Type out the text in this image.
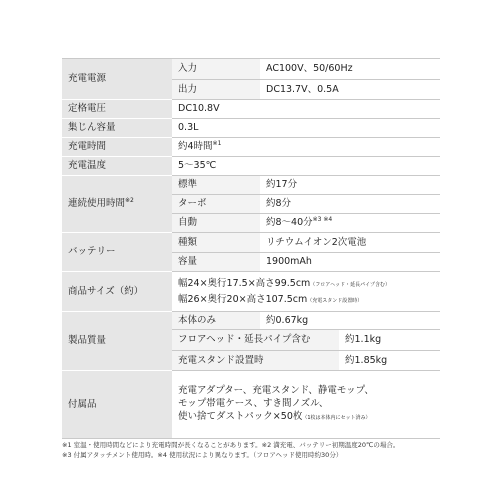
充電電源	入力	AC100V、50/60Hz
	出力	DC13.7V、0.5A
定格電圧	DC10.8V	
集じん容量	0.3L	
充電時間	約4時間$^{※1}$
充電温度	5～35℃	
連続使用時間$^{※2}$	標準	約17分
	ターボ	約8分
	自動	約8～40分$^{※3 ※4}$
バッテリー	種類	リチウムイオン2次電池
	容量	1900mAh
商品サイズ（約）	幅24×奥行17.5×高さ99.5cm（フロアヘッド・延長パイプ含む）
幅26×奥行20×高さ107.5cm（充電スタンド設置時）	

製品質量	本体のみ	約0.67kg

フロアヘッド・延長パイプ含む 約1.1kg	

充電スタンド設置時 約1.85kg	

付属品	充電アダプター、充電スタンド、静電モップ、
モップ帯電ケース、すき間ノズル、
使い捨てダストパック×50枚（1枚は本体内にセット済み）	
※1 室温・使用時間などにより充電時間が長くなることがあります。※2 満充電、バッテリー初期温度20℃の場合。
※3 付属アタッチメント使用時。※4 使用状況により異なります。（フロアヘッド使用時約30分）
